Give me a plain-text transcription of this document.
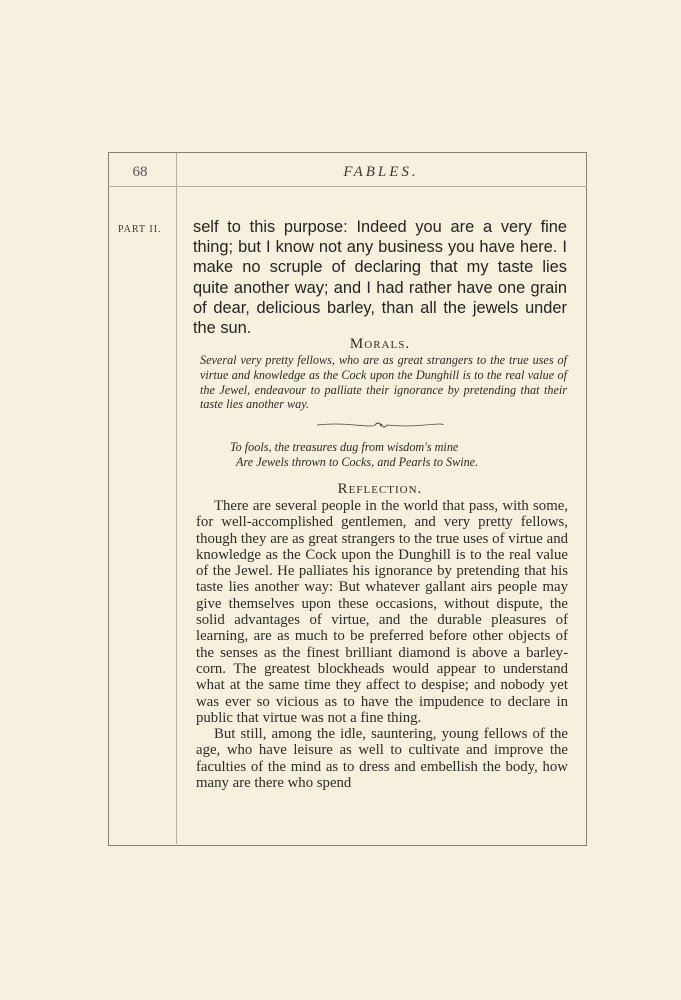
68	FABLES.
PART II. self to this purpose: Indeed you are a very fine thing; but I know not any business you have here. I make no scruple of declaring that my taste lies quite another way; and I had rather have one grain of dear, delicious barley, than all the jewels under the sun.

Morals.
Several very pretty fellows, who are as great strangers to the true uses of virtue and knowledge as the Cock upon the Dunghill is to the real value of the Jewel, endeavour to palliate their ignorance by pretending that their taste lies another way.
To fools, the treasures dug from wisdom's mine
Are Jewels thrown to Cocks, and Pearls to Swine.
Reflection.

There are several people in the world that pass, with some, for well-accomplished gentlemen, and very pretty fellows, though they are as great strangers to the true uses of virtue and knowledge as the Cock upon the Dunghill is to the real value of the Jewel. He palliates his ignorance by pretending that his taste lies another way: But whatever gallant airs people may give themselves upon these occasions, without dispute, the solid advantages of virtue, and the durable pleasures of learning, are as much to be preferred before other objects of the senses as the finest brilliant diamond is above a barley-corn. The greatest blockheads would appear to understand what at the same time they affect to despise; and nobody yet was ever so vicious as to have the impudence to declare in public that virtue was not a fine thing.

But still, among the idle, sauntering, young fellows of the age, who have leisure as well to cultivate and improve the faculties of the mind as to dress and embellish the body, how many are there who spend
